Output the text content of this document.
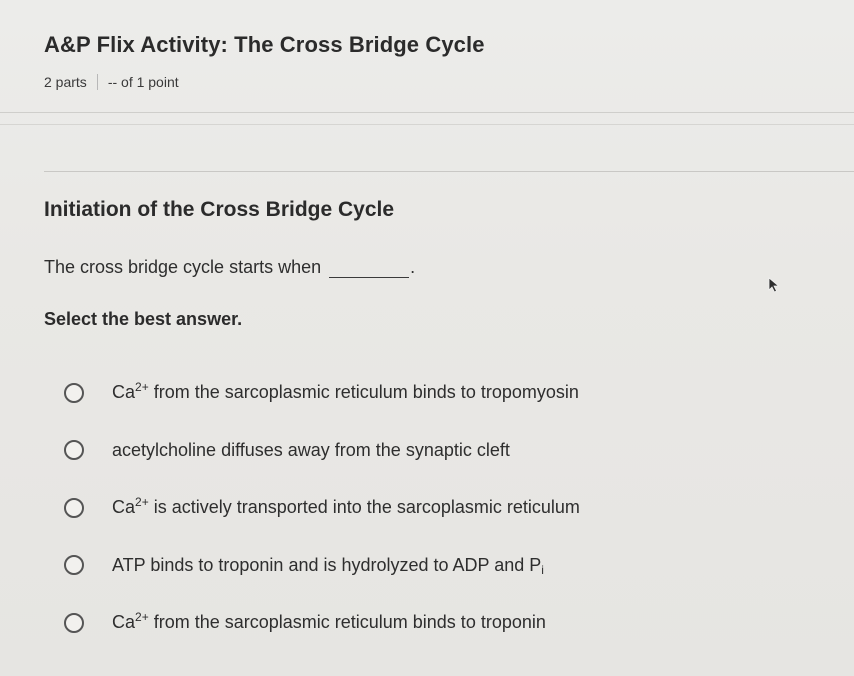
A&P Flix Activity: The Cross Bridge Cycle
2 parts	-- of 1 point
Initiation of the Cross Bridge Cycle
The cross bridge cycle starts when	.
Select the best answer.
$Ca^{2+}$ from the sarcoplasmic reticulum binds to tropomyosin
acetylcholine diffuses away from the synaptic cleft
$Ca^{2+}$ is actively transported into the sarcoplasmic reticulum
ATP binds to troponin and is hydrolyzed to ADP and $P_i$
$Ca^{2+}$ from the sarcoplasmic reticulum binds to troponin
